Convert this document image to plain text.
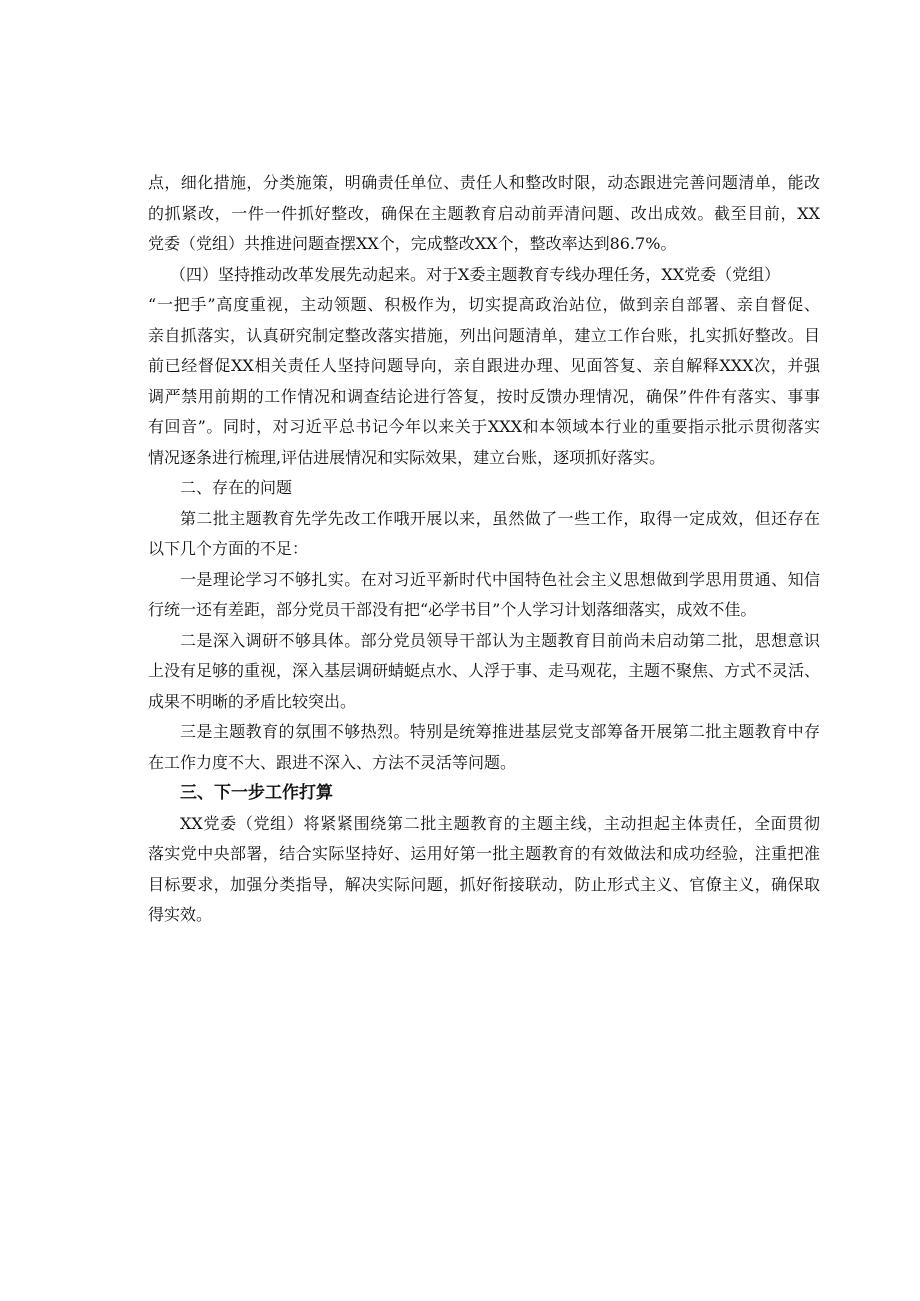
点，细化措施，分类施策，明确责任单位、责任人和整改时限，动态跟进完善问题清单，能改
的抓紧改，一件一件抓好整改，确保在主题教育启动前弄清问题、改出成效。截至目前，XX
党委（党组）共推进问题查摆XX个，完成整改XX个，整改率达到86.7%。
（四）坚持推动改革发展先动起来。对于X委主题教育专线办理任务，XX党委（党组）
“一把手”高度重视，主动领题、积极作为，切实提高政治站位，做到亲自部署、亲自督促、
亲自抓落实，认真研究制定整改落实措施，列出问题清单，建立工作台账，扎实抓好整改。目
前已经督促XX相关责任人坚持问题导向，亲自跟进办理、见面答复、亲自解释XXX次，并强
调严禁用前期的工作情况和调查结论进行答复，按时反馈办理情况，确保”件件有落实、事事
有回音”。同时，对习近平总书记今年以来关于XXX和本领域本行业的重要指示批示贯彻落实
情况逐条进行梳理,评估进展情况和实际效果，建立台账，逐项抓好落实。
二、存在的问题
第二批主题教育先学先改工作哦开展以来，虽然做了一些工作，取得一定成效，但还存在
以下几个方面的不足：
一是理论学习不够扎实。在对习近平新时代中国特色社会主义思想做到学思用贯通、知信
行统一还有差距，部分党员干部没有把“必学书目”个人学习计划落细落实，成效不佳。
二是深入调研不够具体。部分党员领导干部认为主题教育目前尚未启动第二批，思想意识
上没有足够的重视，深入基层调研蜻蜓点水、人浮于事、走马观花，主题不聚焦、方式不灵活、
成果不明晰的矛盾比较突出。
三是主题教育的氛围不够热烈。特别是统筹推进基层党支部筹备开展第二批主题教育中存
在工作力度不大、跟进不深入、方法不灵活等问题。
三、下一步工作打算
XX党委（党组）将紧紧围绕第二批主题教育的主题主线，主动担起主体责任，全面贯彻
落实党中央部署，结合实际坚持好、运用好第一批主题教育的有效做法和成功经验，注重把准
目标要求，加强分类指导，解决实际问题，抓好衔接联动，防止形式主义、官僚主义，确保取
得实效。
